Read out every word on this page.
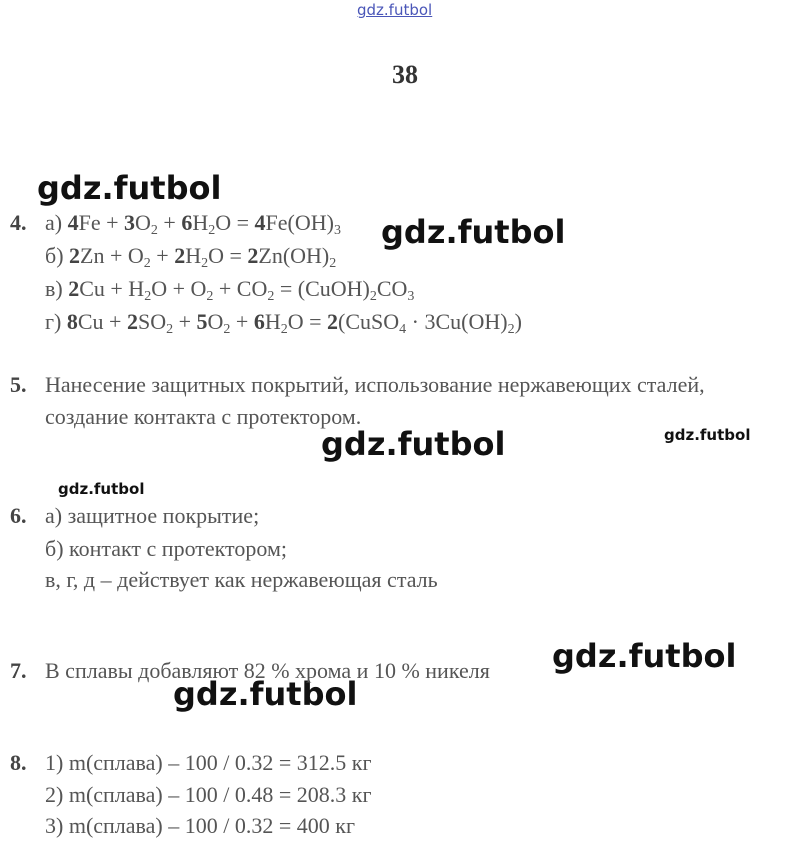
gdz.futbol
38
gdz.futbol
gdz.futbol
gdz.futbol	gdz.futbol
gdz.futbol
gdz.futbol
gdz.futbol
4. а) $4Fe + 3O_2 + 6H_2O = 4Fe(OH)_3$
б) $2Zn + O_2 + 2H_2O = 2Zn(OH)_2$
в) $2Cu + H_2O + O_2 + CO_2$ = $(CuOH)_2CO_3$
г) $8Cu + 2SO_2 + 5O_2 + 6H_2O$ = 2(CuSO$_4$ · $3Cu(OH)_2$)
5. Нанесение защитных покрытий, использование нержавеющих сталей,
создание контакта с протектором.
6. а) защитное покрытие;
б) контакт с протектором;
в, г, д – действует как нержавеющая сталь
7. В сплавы добавляют 82 % хрома и 10 % никеля
8. 1) m(сплава) – 100 / 0.32 = 312.5 кг
2) m(сплава) – 100 / 0.48 = 208.3 кг
3) m(сплава) – 100 / 0.32 = 400 кг
